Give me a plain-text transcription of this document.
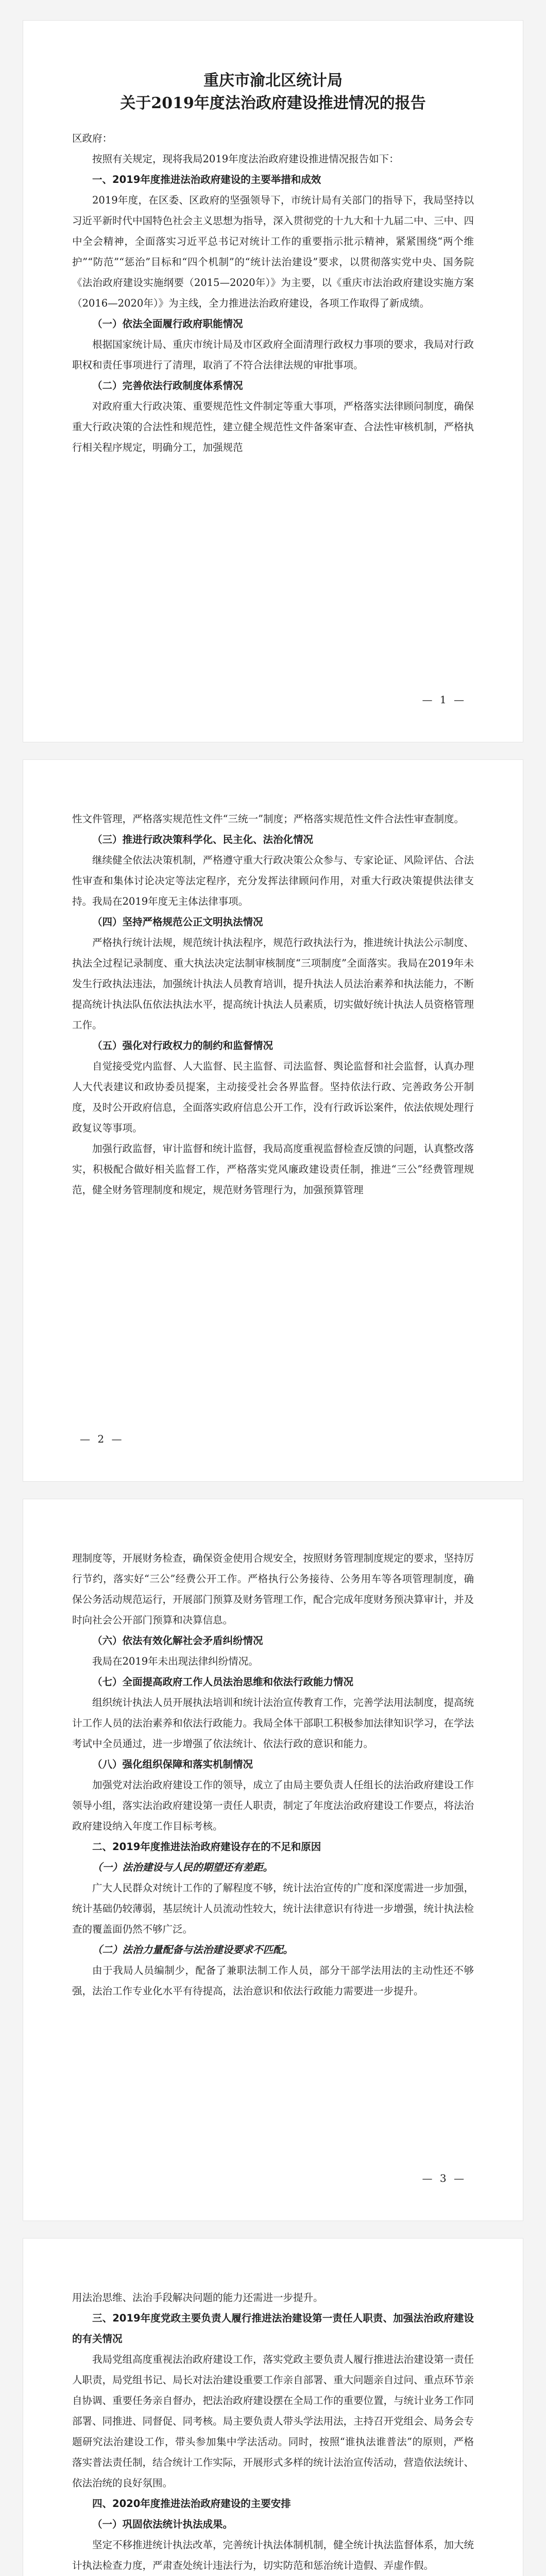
重庆市渝北区统计局
关于2019年度法治政府建设推进情况的报告

区政府：

按照有关规定，现将我局2019年度法治政府建设推进情况报告如下：

一、2019年度推进法治政府建设的主要举措和成效

2019年度，在区委、区政府的坚强领导下，市统计局有关部门的指导下，我局坚持以习近平新时代中国特色社会主义思想为指导，深入贯彻党的十九大和十九届二中、三中、四中全会精神，全面落实习近平总书记对统计工作的重要指示批示精神，紧紧围绕“两个维护”“防范”“惩治”目标和“四个机制”的“统计法治建设”要求，以贯彻落实党中央、国务院《法治政府建设实施纲要（2015—2020年）》为主要，以《重庆市法治政府建设实施方案（2016—2020年）》为主线，全力推进法治政府建设，各项工作取得了新成绩。

（一）依法全面履行政府职能情况

根据国家统计局、重庆市统计局及市区政府全面清理行政权力事项的要求，我局对行政职权和责任事项进行了清理，取消了不符合法律法规的审批事项。

（二）完善依法行政制度体系情况

对政府重大行政决策、重要规范性文件制定等重大事项，严格落实法律顾问制度，确保重大行政决策的合法性和规范性，建立健全规范性文件备案审查、合法性审核机制，严格执行相关程序规定，明确分工，加强规范

— 1 —

性文件管理，严格落实规范性文件“三统一”制度；严格落实规范性文件合法性审查制度。

（三）推进行政决策科学化、民主化、法治化情况

继续健全依法决策机制，严格遵守重大行政决策公众参与、专家论证、风险评估、合法性审查和集体讨论决定等法定程序，充分发挥法律顾问作用，对重大行政决策提供法律支持。我局在2019年度无主体法律事项。

（四）坚持严格规范公正文明执法情况

严格执行统计法规，规范统计执法程序，规范行政执法行为，推进统计执法公示制度、执法全过程记录制度、重大执法决定法制审核制度“三项制度”全面落实。我局在2019年未发生行政执法违法，加强统计执法人员教育培训，提升执法人员法治素养和执法能力，不断提高统计执法队伍依法执法水平，提高统计执法人员素质，切实做好统计执法人员资格管理工作。

（五）强化对行政权力的制约和监督情况

自觉接受党内监督、人大监督、民主监督、司法监督、舆论监督和社会监督，认真办理人大代表建议和政协委员提案，主动接受社会各界监督。坚持依法行政、完善政务公开制度，及时公开政府信息，全面落实政府信息公开工作，没有行政诉讼案件，依法依规处理行政复议等事项。

加强行政监督，审计监督和统计监督，我局高度重视监督检查反馈的问题，认真整改落实，积极配合做好相关监督工作，严格落实党风廉政建设责任制，推进“三公”经费管理规范，健全财务管理制度和规定，规范财务管理行为，加强预算管理

— 2 —

理制度等，开展财务检查，确保资金使用合规安全，按照财务管理制度规定的要求，坚持厉行节约，落实好“三公”经费公开工作。严格执行公务接待、公务用车等各项管理制度，确保公务活动规范运行，开展部门预算及财务管理工作，配合完成年度财务预决算审计，并及时向社会公开部门预算和决算信息。

（六）依法有效化解社会矛盾纠纷情况

我局在2019年未出现法律纠纷情况。

（七）全面提高政府工作人员法治思维和依法行政能力情况

组织统计执法人员开展执法培训和统计法治宣传教育工作，完善学法用法制度，提高统计工作人员的法治素养和依法行政能力。我局全体干部职工积极参加法律知识学习，在学法考试中全员通过，进一步增强了依法统计、依法行政的意识和能力。

（八）强化组织保障和落实机制情况

加强党对法治政府建设工作的领导，成立了由局主要负责人任组长的法治政府建设工作领导小组，落实法治政府建设第一责任人职责，制定了年度法治政府建设工作要点，将法治政府建设纳入年度工作目标考核。

二、2019年度推进法治政府建设存在的不足和原因

（一）法治建设与人民的期望还有差距。

广大人民群众对统计工作的了解程度不够，统计法治宣传的广度和深度需进一步加强，统计基础仍较薄弱，基层统计人员流动性较大，统计法律意识有待进一步增强，统计执法检查的覆盖面仍然不够广泛。

（二）法治力量配备与法治建设要求不匹配。

由于我局人员编制少，配备了兼职法制工作人员，部分干部学法用法的主动性还不够强，法治工作专业化水平有待提高，法治意识和依法行政能力需要进一步提升。

— 3 —

用法治思维、法治手段解决问题的能力还需进一步提升。

三、2019年度党政主要负责人履行推进法治建设第一责任人职责、加强法治政府建设的有关情况

我局党组高度重视法治政府建设工作，落实党政主要负责人履行推进法治建设第一责任人职责，局党组书记、局长对法治建设重要工作亲自部署、重大问题亲自过问、重点环节亲自协调、重要任务亲自督办，把法治政府建设摆在全局工作的重要位置，与统计业务工作同部署、同推进、同督促、同考核。局主要负责人带头学法用法，主持召开党组会、局务会专题研究法治建设工作，带头参加集中学法活动。同时，按照“谁执法谁普法”的原则，严格落实普法责任制，结合统计工作实际，开展形式多样的统计法治宣传活动，营造依法统计、依法治统的良好氛围。

四、2020年度推进法治政府建设的主要安排

（一）巩固依法统计执法成果。

坚定不移推进统计执法改革，完善统计执法体制机制，健全统计执法监督体系，加大统计执法检查力度，严肃查处统计违法行为，切实防范和惩治统计造假、弄虚作假。
